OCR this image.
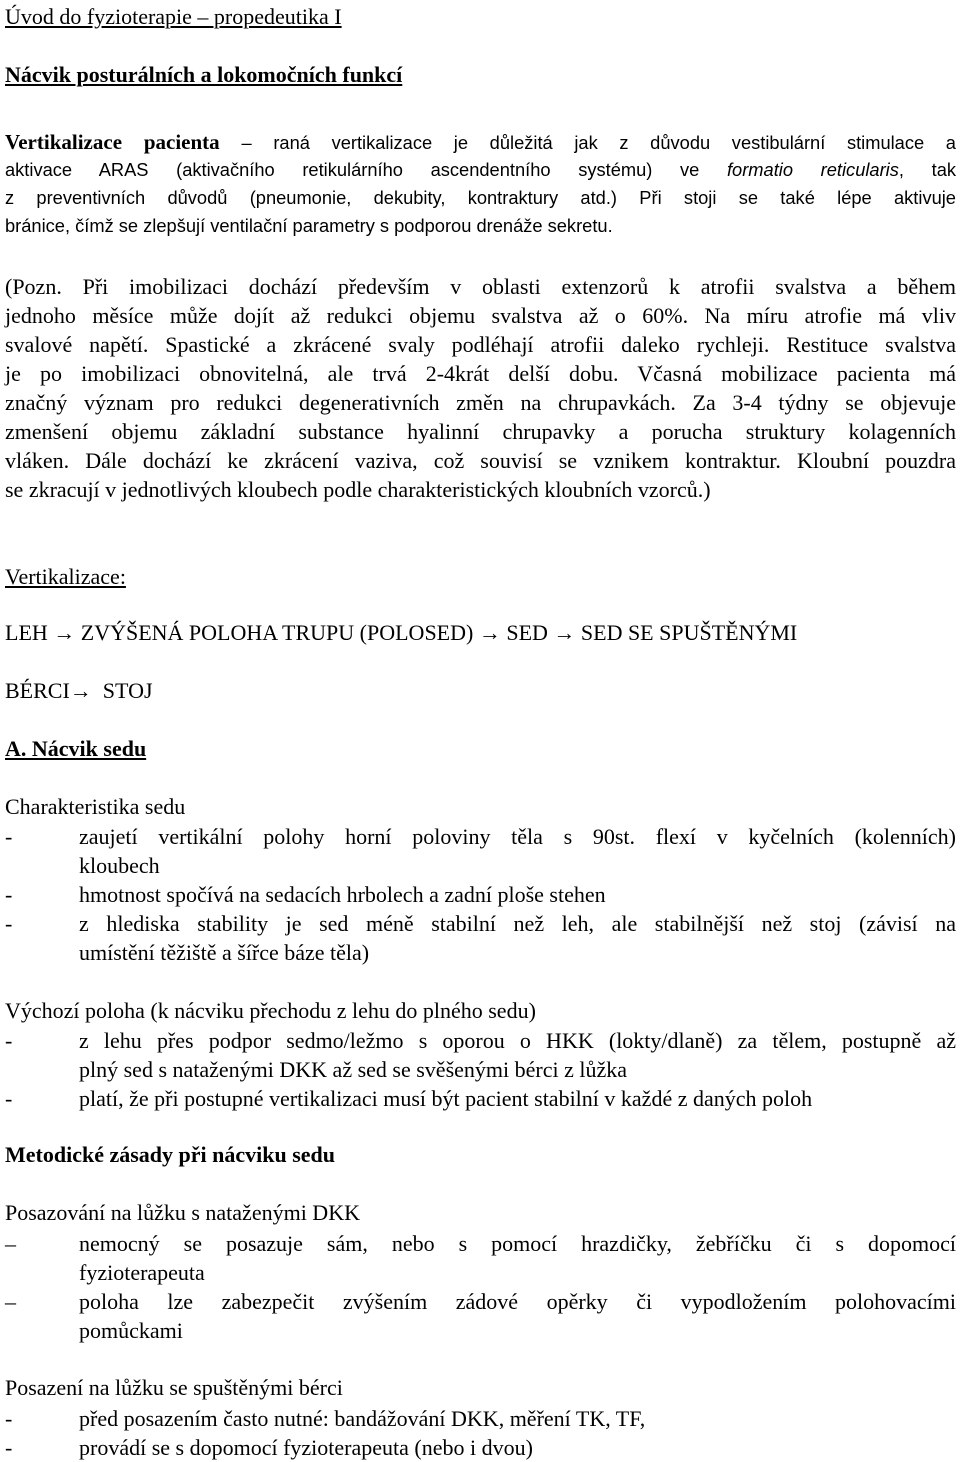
Úvod do fyzioterapie – propedeutika I
Nácvik posturálních a lokomočních funkcí
Vertikalizace pacienta – raná vertikalizace je důležitá jak z důvodu vestibulární stimulace a
aktivace ARAS (aktivačního retikulárního ascendentního systému) ve formatio reticularis, tak
z preventivních důvodů (pneumonie, dekubity, kontraktury atd.) Při stoji se také lépe aktivuje
bránice, čímž se zlepšují ventilační parametry s podporou drenáže sekretu.
(Pozn. Při imobilizaci dochází především v oblasti extenzorů k atrofii svalstva a během
jednoho měsíce může dojít až redukci objemu svalstva až o 60%. Na míru atrofie má vliv
svalové napětí. Spastické a zkrácené svaly podléhají atrofii daleko rychleji. Restituce svalstva
je po imobilizaci obnovitelná, ale trvá 2-4krát delší dobu. Včasná mobilizace pacienta má
značný význam pro redukci degenerativních změn na chrupavkách. Za 3-4 týdny se objevuje
zmenšení objemu základní substance hyalinní chrupavky a porucha struktury kolagenních
vláken. Dále dochází ke zkrácení vaziva, což souvisí se vznikem kontraktur. Kloubní pouzdra
se zkracují v jednotlivých kloubech podle charakteristických kloubních vzorců.)
Vertikalizace:
LEH → ZVÝŠENÁ POLOHA TRUPU (POLOSED) → SED → SED SE SPUŠTĚNÝMI
BÉRCI→  STOJ
A. Nácvik sedu
Charakteristika sedu
-	zaujetí vertikální polohy horní poloviny těla s 90st. flexí v kyčelních (kolenních)
kloubech
-	hmotnost spočívá na sedacích hrbolech a zadní ploše stehen
-	z hlediska stability je sed méně stabilní než leh, ale stabilnější než stoj (závisí na
umístění těžiště a šířce báze těla)
Výchozí poloha (k nácviku přechodu z lehu do plného sedu)
-	z lehu přes podpor sedmo/ležmo s oporou o HKK (lokty/dlaně) za tělem, postupně až
plný sed s nataženými DKK až sed se svěšenými bérci z lůžka
-	platí, že při postupné vertikalizaci musí být pacient stabilní v každé z daných poloh
Metodické zásady při nácviku sedu
Posazování na lůžku s nataženými DKK
–	nemocný se posazuje sám, nebo s pomocí hrazdičky, žebříčku či s dopomocí
fyzioterapeuta
–	poloha lze zabezpečit zvýšením zádové opěrky či vypodložením polohovacími
pomůckami
Posazení na lůžku se spuštěnými bérci
-	před posazením často nutné: bandážování DKK, měření TK, TF,
-	provádí se s dopomocí fyzioterapeuta (nebo i dvou)
